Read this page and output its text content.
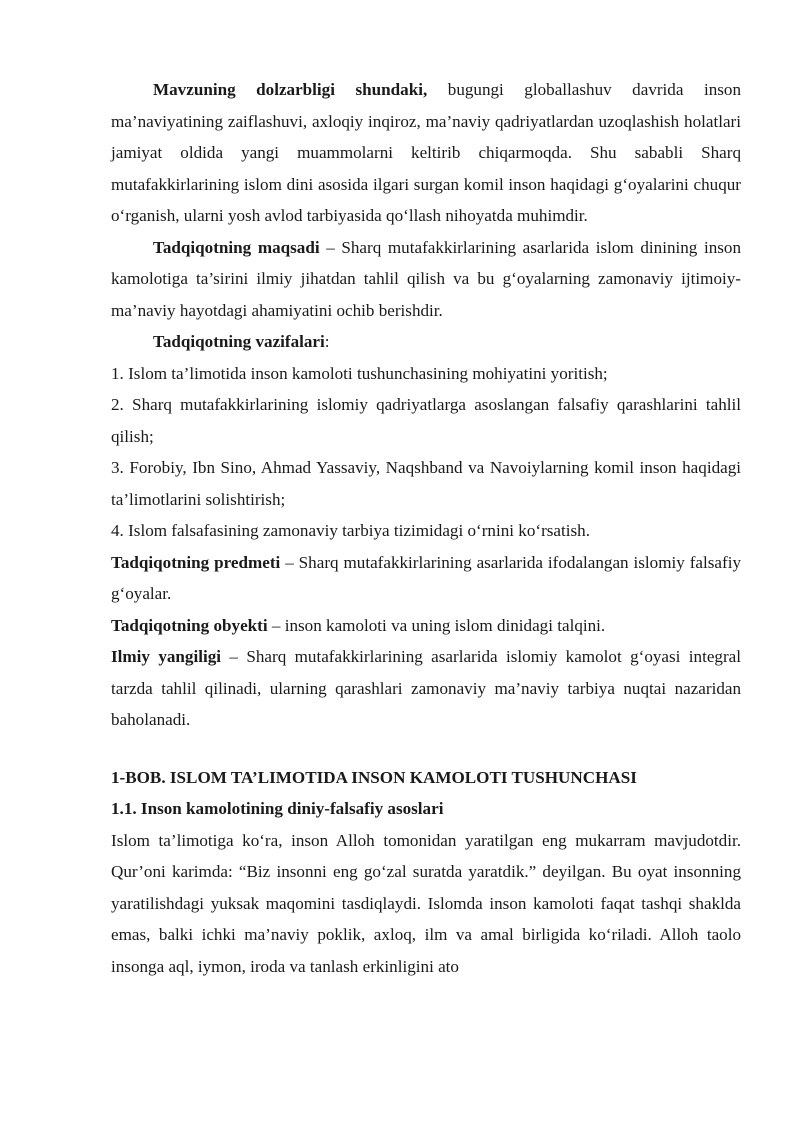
Mavzuning dolzarbligi shundaki, bugungi globallashuv davrida inson ma’naviyatining zaiflashuvi, axloqiy inqiroz, ma’naviy qadriyatlardan uzoqlashish holatlari jamiyat oldida yangi muammolarni keltirib chiqarmoqda. Shu sababli Sharq mutafakkirlarining islom dini asosida ilgari surgan komil inson haqidagi g‘oyalarini chuqur o‘rganish, ularni yosh avlod tarbiyasida qo‘llash nihoyatda muhimdir.

Tadqiqotning maqsadi – Sharq mutafakkirlarining asarlarida islom dinining inson kamolotiga ta’sirini ilmiy jihatdan tahlil qilish va bu g‘oyalarning zamonaviy ijtimoiy-ma’naviy hayotdagi ahamiyatini ochib berishdir.

Tadqiqotning vazifalari:

1. Islom ta’limotida inson kamoloti tushunchasining mohiyatini yoritish;

2. Sharq mutafakkirlarining islomiy qadriyatlarga asoslangan falsafiy qarashlarini tahlil qilish;

3. Forobiy, Ibn Sino, Ahmad Yassaviy, Naqshband va Navoiylarning komil inson haqidagi ta’limotlarini solishtirish;

4. Islom falsafasining zamonaviy tarbiya tizimidagi o‘rnini ko‘rsatish.

Tadqiqotning predmeti – Sharq mutafakkirlarining asarlarida ifodalangan islomiy falsafiy g‘oyalar.

Tadqiqotning obyekti – inson kamoloti va uning islom dinidagi talqini.

Ilmiy yangiligi – Sharq mutafakkirlarining asarlarida islomiy kamolot g‘oyasi integral tarzda tahlil qilinadi, ularning qarashlari zamonaviy ma’naviy tarbiya nuqtai nazaridan baholanadi.

1-BOB. ISLOM TA’LIMOTIDA INSON KAMOLOTI TUSHUNCHASI

1.1. Inson kamolotining diniy-falsafiy asoslari

Islom ta’limotiga ko‘ra, inson Alloh tomonidan yaratilgan eng mukarram mavjudotdir. Qur’oni karimda: “Biz insonni eng go‘zal suratda yaratdik.” deyilgan. Bu oyat insonning yaratilishdagi yuksak maqomini tasdiqlaydi. Islomda inson kamoloti faqat tashqi shaklda emas, balki ichki ma’naviy poklik, axloq, ilm va amal birligida ko‘riladi. Alloh taolo insonga aql, iymon, iroda va tanlash erkinligini ato
